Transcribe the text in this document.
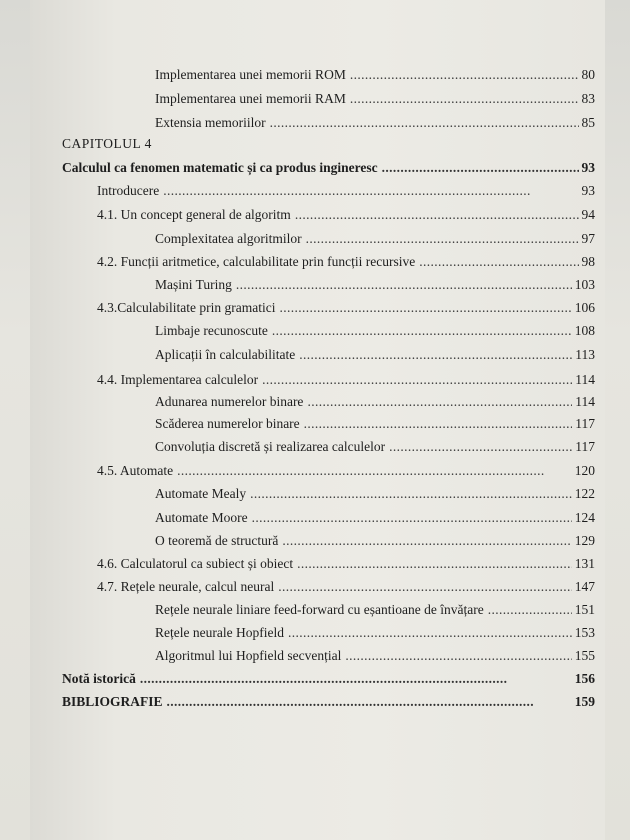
Implementarea unei memorii ROM . . .	80
Implementarea unei memorii RAM . . .	83
Extensia memoriilor . . .	85
CAPITOLUL 4
Calculul ca fenomen matematic și ca produs ingineresc . . .	93
Introducere . . .	93
4.1. Un concept general de algoritm . . .	94
Complexitatea algoritmilor . . .	97
4.2. Funcții aritmetice, calculabilitate prin funcții recursive . . .	98
Mașini Turing . . .	103
4.3.Calculabilitate prin gramatici . . .	106
Limbaje recunoscute . . .	108
Aplicații în calculabilitate . . .	113
4.4. Implementarea calculelor . . .	114
Adunarea numerelor binare . . .	114
Scăderea numerelor binare . . .	117
Convoluția discretă și realizarea calculelor . . .	117
4.5. Automate . . .	120
Automate Mealy . . .	122
Automate Moore . . .	124
O teoremă de structură . . .	129
4.6. Calculatorul ca subiect și obiect . . .	131
4.7. Rețele neurale, calcul neural . . .	147
Rețele neurale liniare feed-forward cu eșantioane de învățare . . .	151
Rețele neurale Hopfield . . .	153
Algoritmul lui Hopfield secvențial . . .	155
Notă istorică . . .	156
BIBLIOGRAFIE . . .	159
